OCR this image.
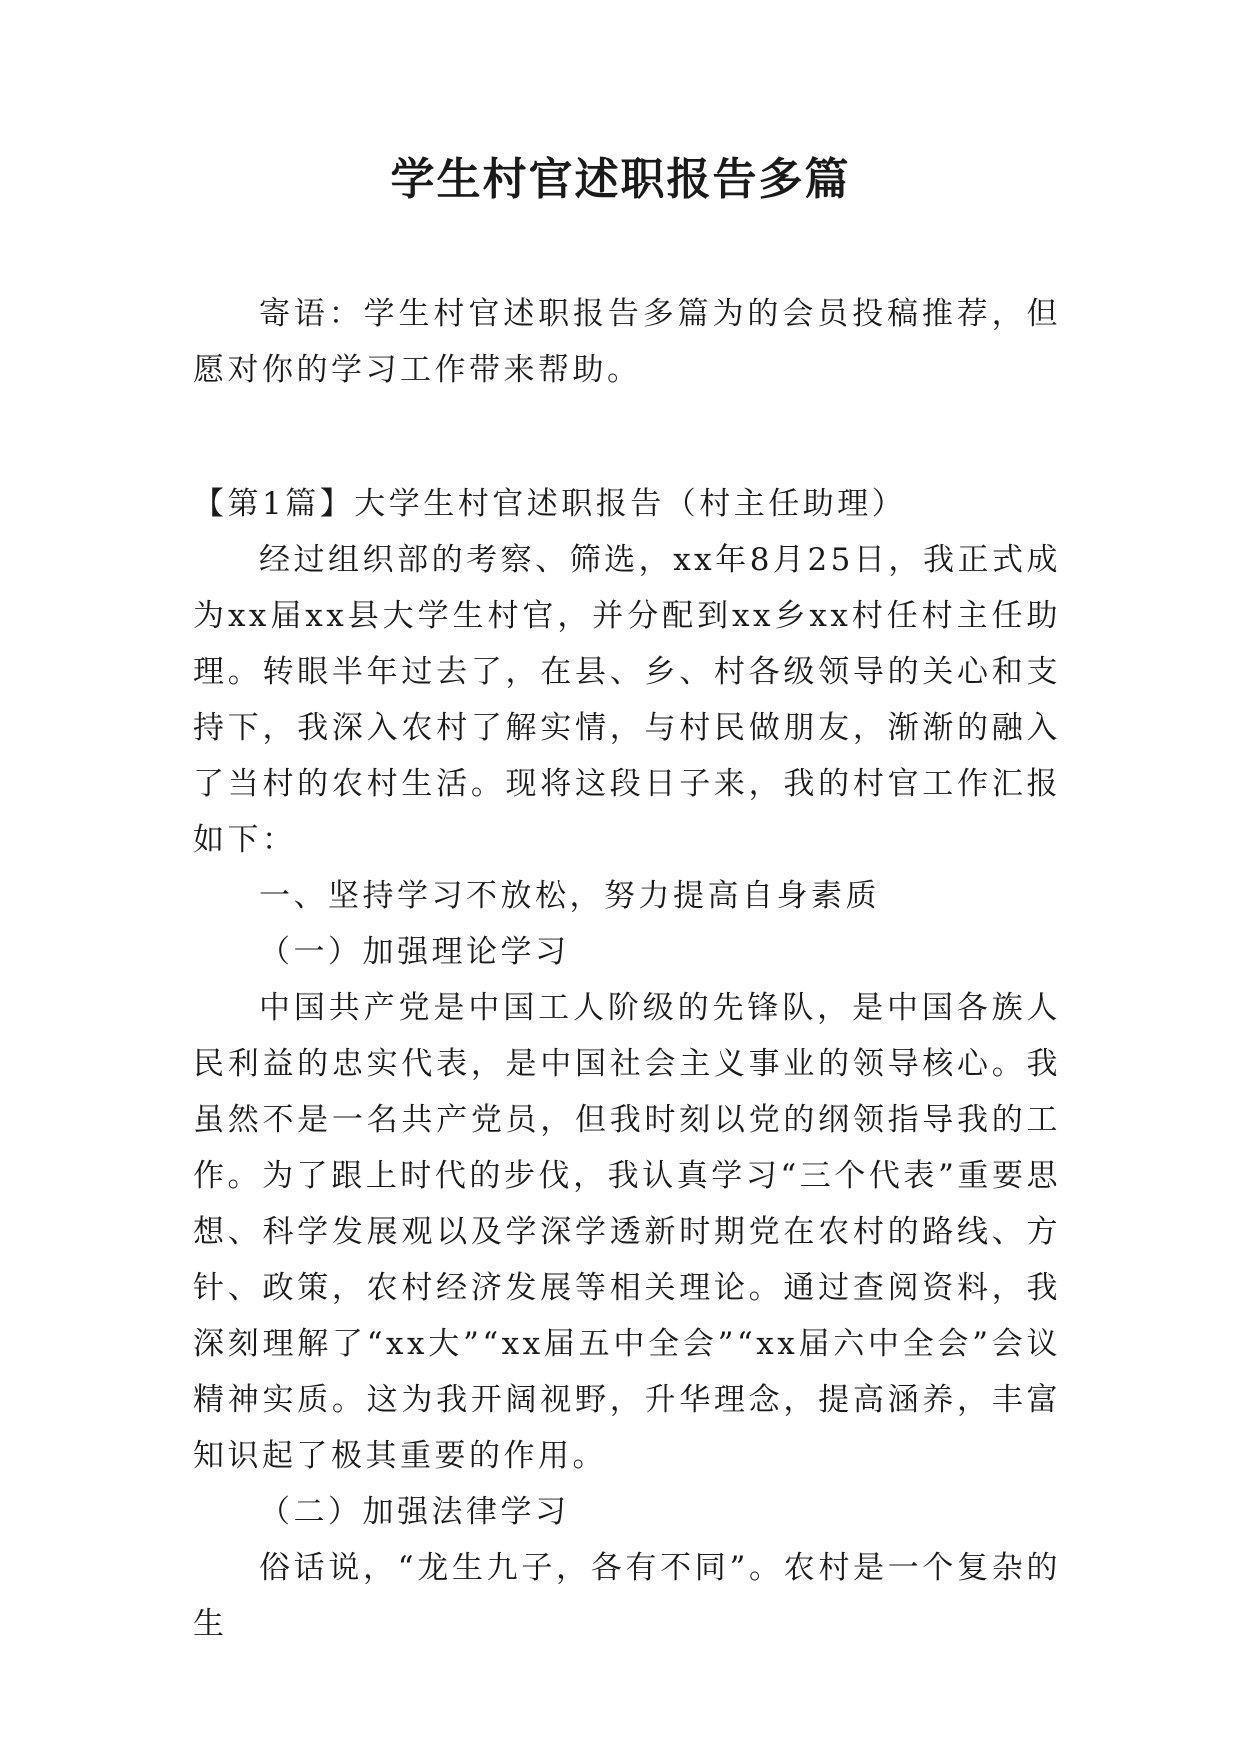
学生村官述职报告多篇

寄语：学生村官述职报告多篇为的会员投稿推荐，但愿对你的学习工作带来帮助。

【第1篇】大学生村官述职报告（村主任助理）

经过组织部的考察、筛选，xx年8月25日，我正式成为xx届xx县大学生村官，并分配到xx乡xx村任村主任助理。转眼半年过去了，在县、乡、村各级领导的关心和支持下，我深入农村了解实情，与村民做朋友，渐渐的融入了当村的农村生活。现将这段日子来，我的村官工作汇报如下：

一、坚持学习不放松，努力提高自身素质

（一）加强理论学习

中国共产党是中国工人阶级的先锋队，是中国各族人民利益的忠实代表，是中国社会主义事业的领导核心。我虽然不是一名共产党员，但我时刻以党的纲领指导我的工作。为了跟上时代的步伐，我认真学习“三个代表”重要思想、科学发展观以及学深学透新时期党在农村的路线、方针、政策，农村经济发展等相关理论。通过查阅资料，我深刻理解了“xx大”“xx届五中全会”“xx届六中全会”会议精神实质。这为我开阔视野，升华理念，提高涵养，丰富知识起了极其重要的作用。

（二）加强法律学习

俗话说，“龙生九子，各有不同”。农村是一个复杂的生
